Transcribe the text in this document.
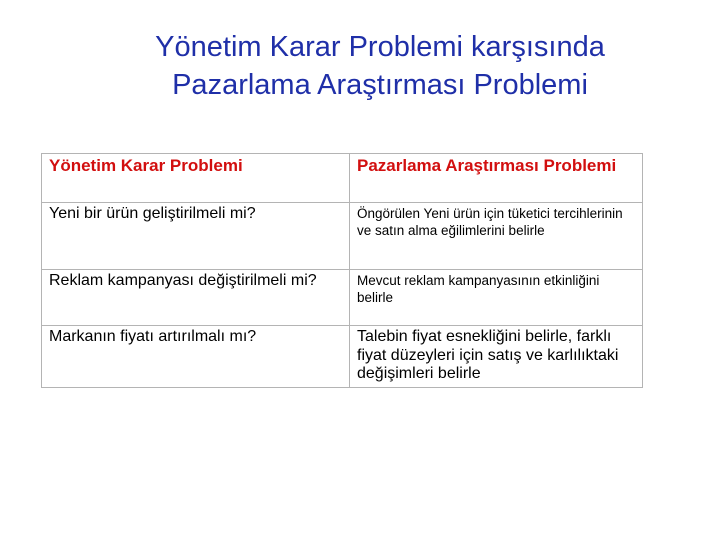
Yönetim Karar Problemi karşısında
Pazarlama Araştırması Problemi
Yönetim Karar Problemi	Pazarlama Araştırması Problemi
Yeni bir ürün geliştirilmeli mi?	Öngörülen Yeni ürün için tüketici tercihlerinin ve satın alma eğilimlerini belirle
Reklam kampanyası değiştirilmeli mi?	Mevcut reklam kampanyasının etkinliğini belirle
Markanın fiyatı artırılmalı mı?	Talebin fiyat esnekliğini belirle, farklı fiyat düzeyleri için satış ve karlılıktaki değişimleri belirle
